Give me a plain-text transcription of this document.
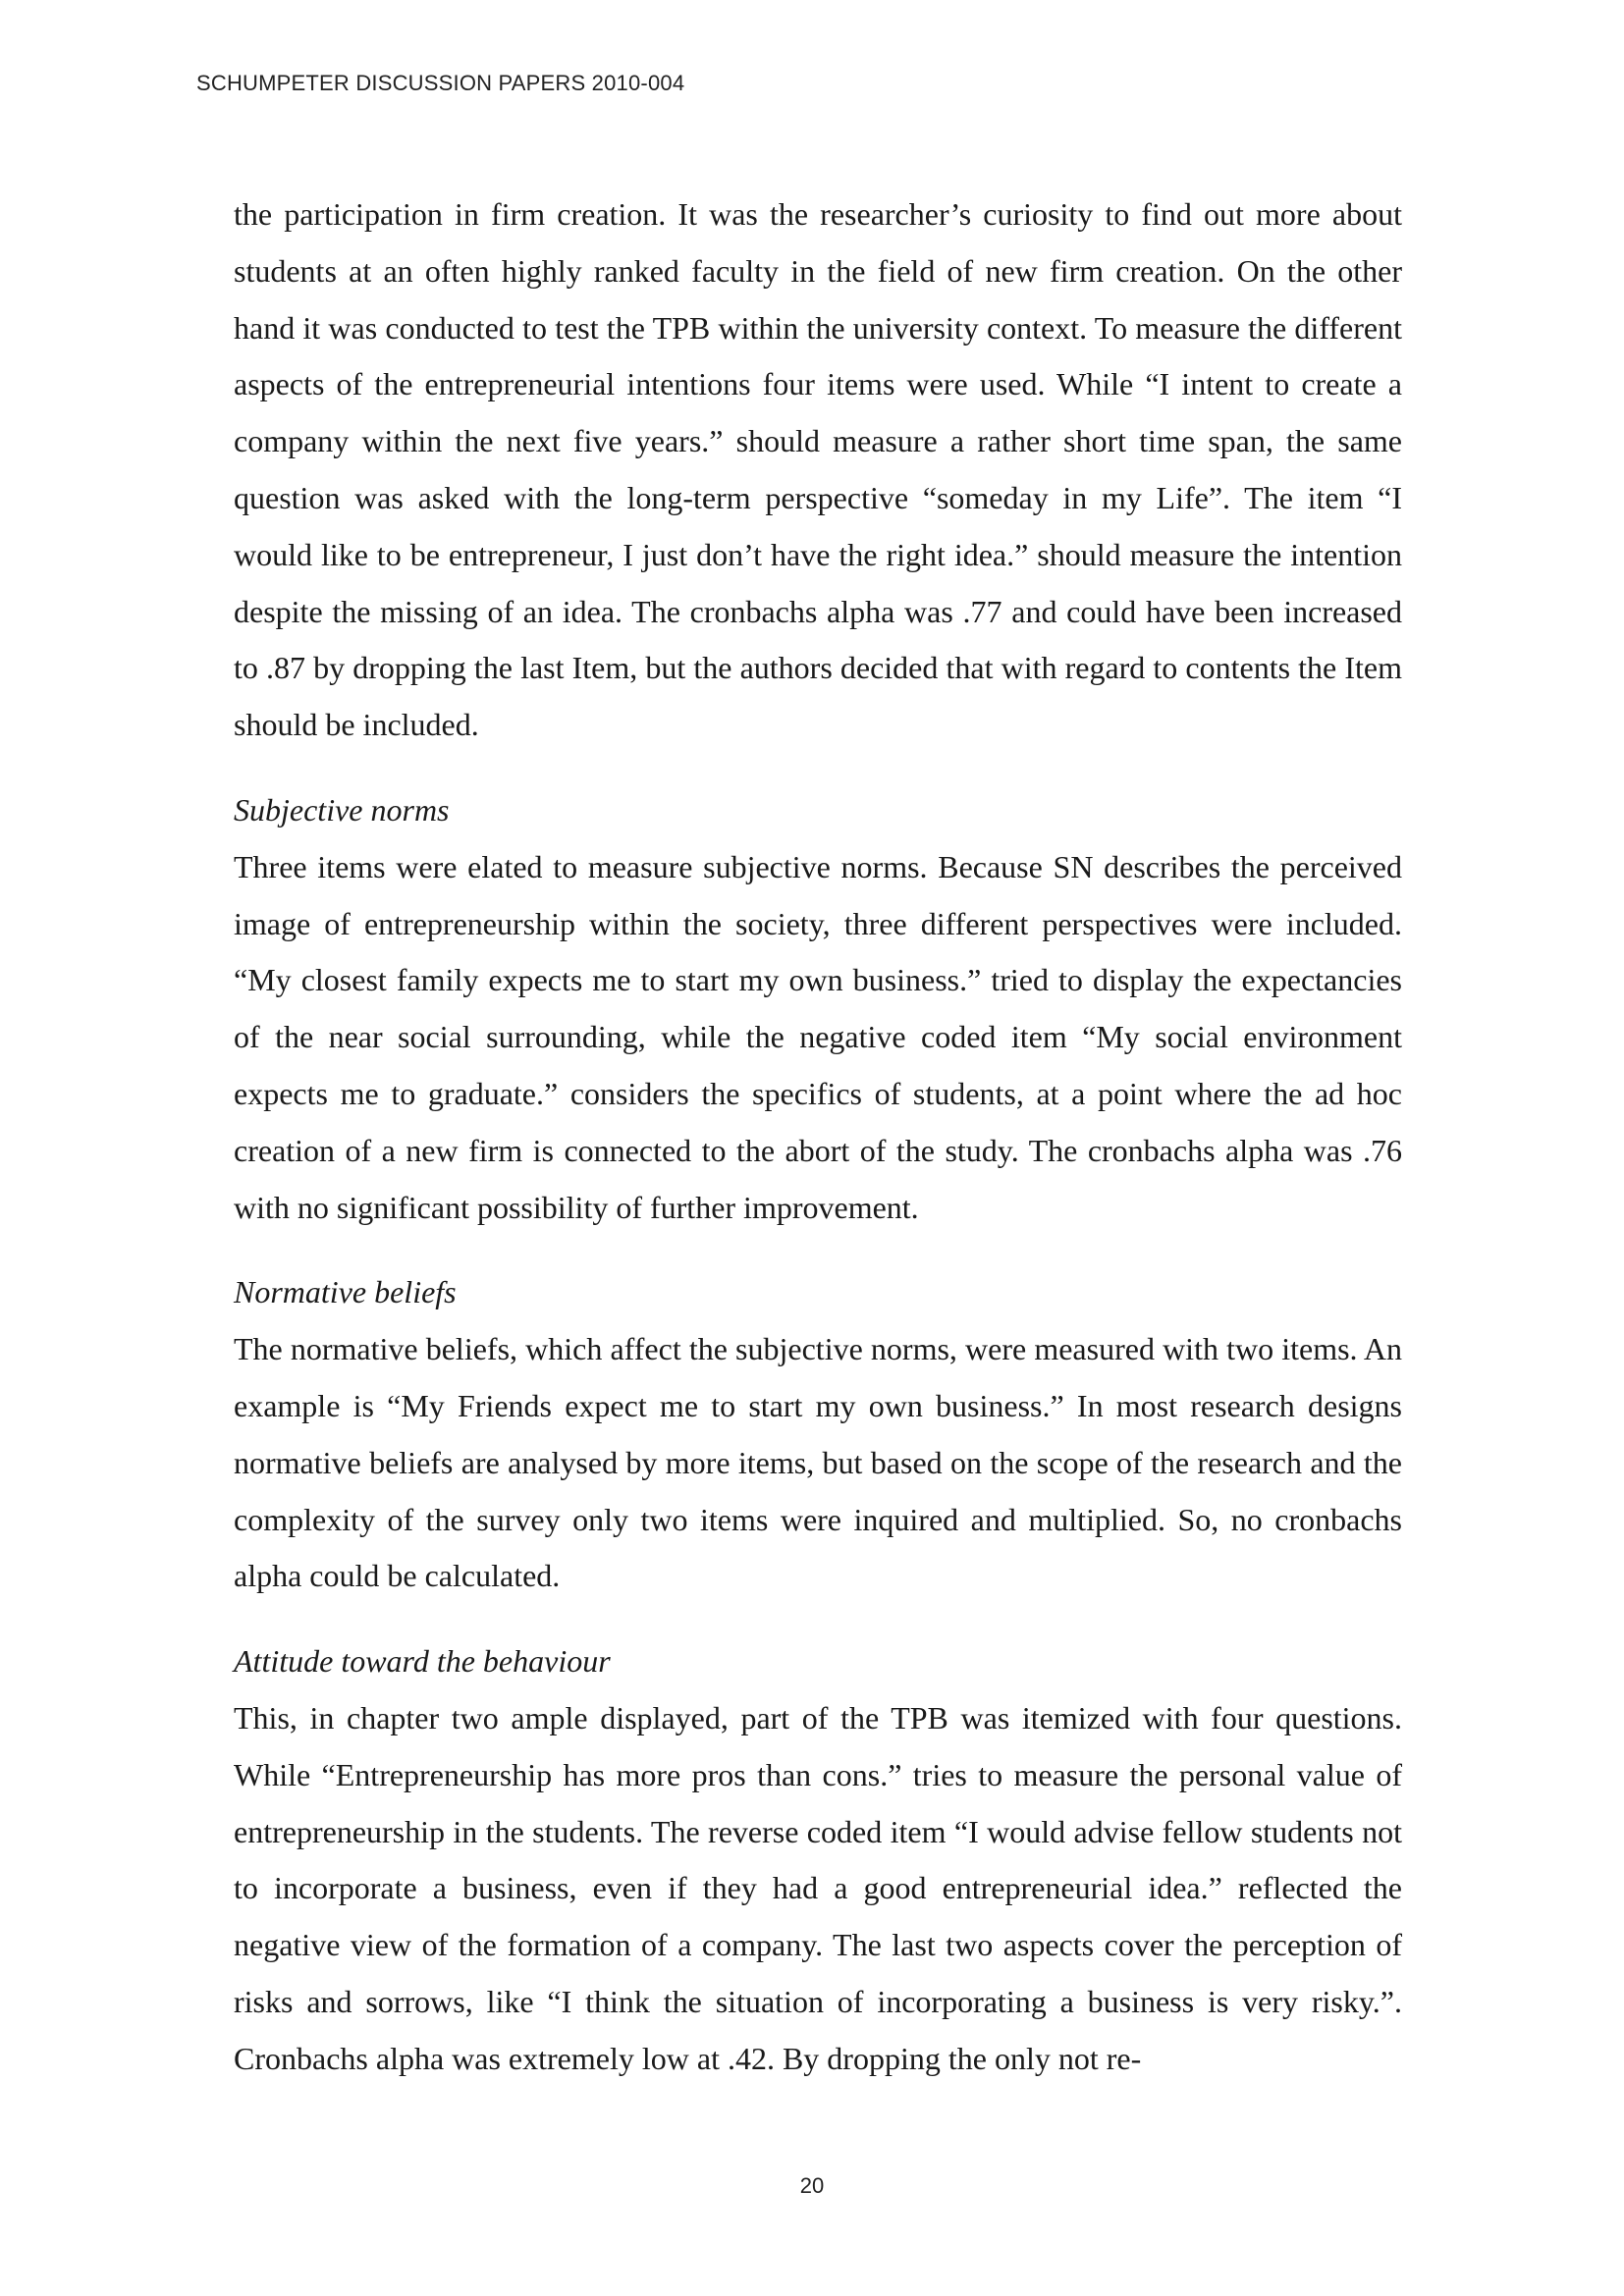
SCHUMPETER DISCUSSION PAPERS 2010-004

the participation in firm creation. It was the researcher’s curiosity to find out more about students at an often highly ranked faculty in the field of new firm creation. On the other hand it was conducted to test the TPB within the university context. To measure the different aspects of the entrepreneurial intentions four items were used. While “I intent to create a company within the next five years.” should measure a rather short time span, the same question was asked with the long-term perspective “someday in my Life”. The item “I would like to be entrepreneur, I just don’t have the right idea.” should measure the intention despite the missing of an idea. The cronbachs alpha was .77 and could have been increased to .87 by dropping the last Item, but the authors decided that with regard to contents the Item should be included.

Subjective norms

Three items were elated to measure subjective norms. Because SN describes the perceived image of entrepreneurship within the society, three different perspectives were included. “My closest family expects me to start my own business.” tried to display the expectancies of the near social surrounding, while the negative coded item “My social environment expects me to graduate.” considers the specifics of students, at a point where the ad hoc creation of a new firm is connected to the abort of the study. The cronbachs alpha was .76 with no significant possibility of further improvement.

Normative beliefs

The normative beliefs, which affect the subjective norms, were measured with two items. An example is “My Friends expect me to start my own business.” In most research designs normative beliefs are analysed by more items, but based on the scope of the research and the complexity of the survey only two items were inquired and multiplied. So, no cronbachs alpha could be calculated.

Attitude toward the behaviour

This, in chapter two ample displayed, part of the TPB was itemized with four questions. While “Entrepreneurship has more pros than cons.” tries to measure the personal value of entrepreneurship in the students. The reverse coded item “I would advise fellow students not to incorporate a business, even if they had a good entrepreneurial idea.” reflected the negative view of the formation of a company. The last two aspects cover the perception of risks and sorrows, like “I think the situation of incorporating a business is very risky.”. Cronbachs alpha was extremely low at .42. By dropping the only not re-

20
